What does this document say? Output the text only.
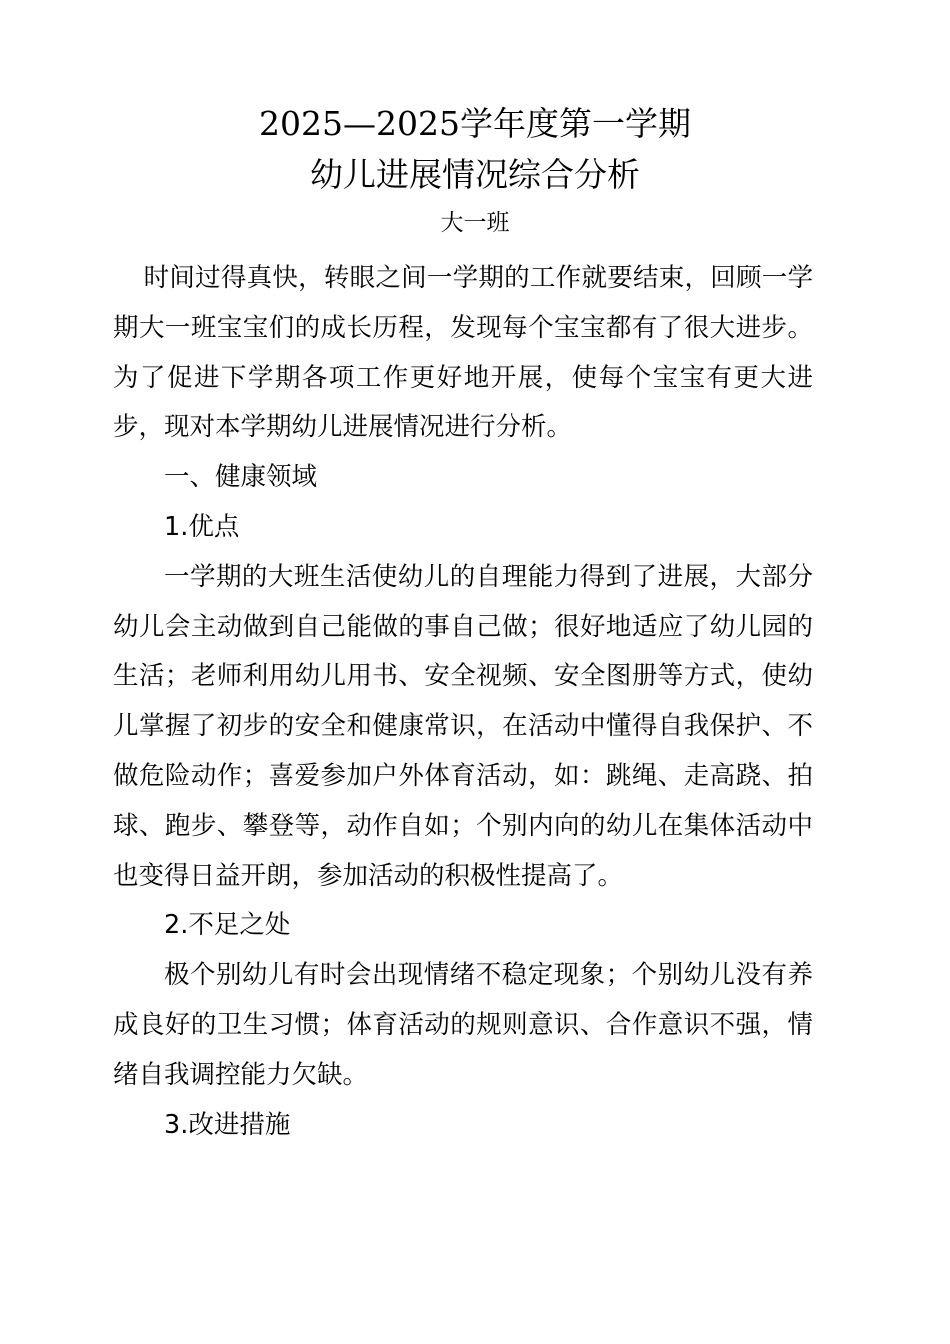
2025—2025学年度第一学期
幼儿进展情况综合分析
大一班

时间过得真快，转眼之间一学期的工作就要结束，回顾一学期大一班宝宝们的成长历程，发现每个宝宝都有了很大进步。为了促进下学期各项工作更好地开展，使每个宝宝有更大进步，现对本学期幼儿进展情况进行分析。

一、健康领域

1.优点

一学期的大班生活使幼儿的自理能力得到了进展，大部分幼儿会主动做到自己能做的事自己做；很好地适应了幼儿园的生活；老师利用幼儿用书、安全视频、安全图册等方式，使幼儿掌握了初步的安全和健康常识，在活动中懂得自我保护、不做危险动作；喜爱参加户外体育活动，如：跳绳、走高跷、拍球、跑步、攀登等，动作自如；个别内向的幼儿在集体活动中也变得日益开朗，参加活动的积极性提高了。

2.不足之处

极个别幼儿有时会出现情绪不稳定现象；个别幼儿没有养成良好的卫生习惯；体育活动的规则意识、合作意识不强，情绪自我调控能力欠缺。

3.改进措施
